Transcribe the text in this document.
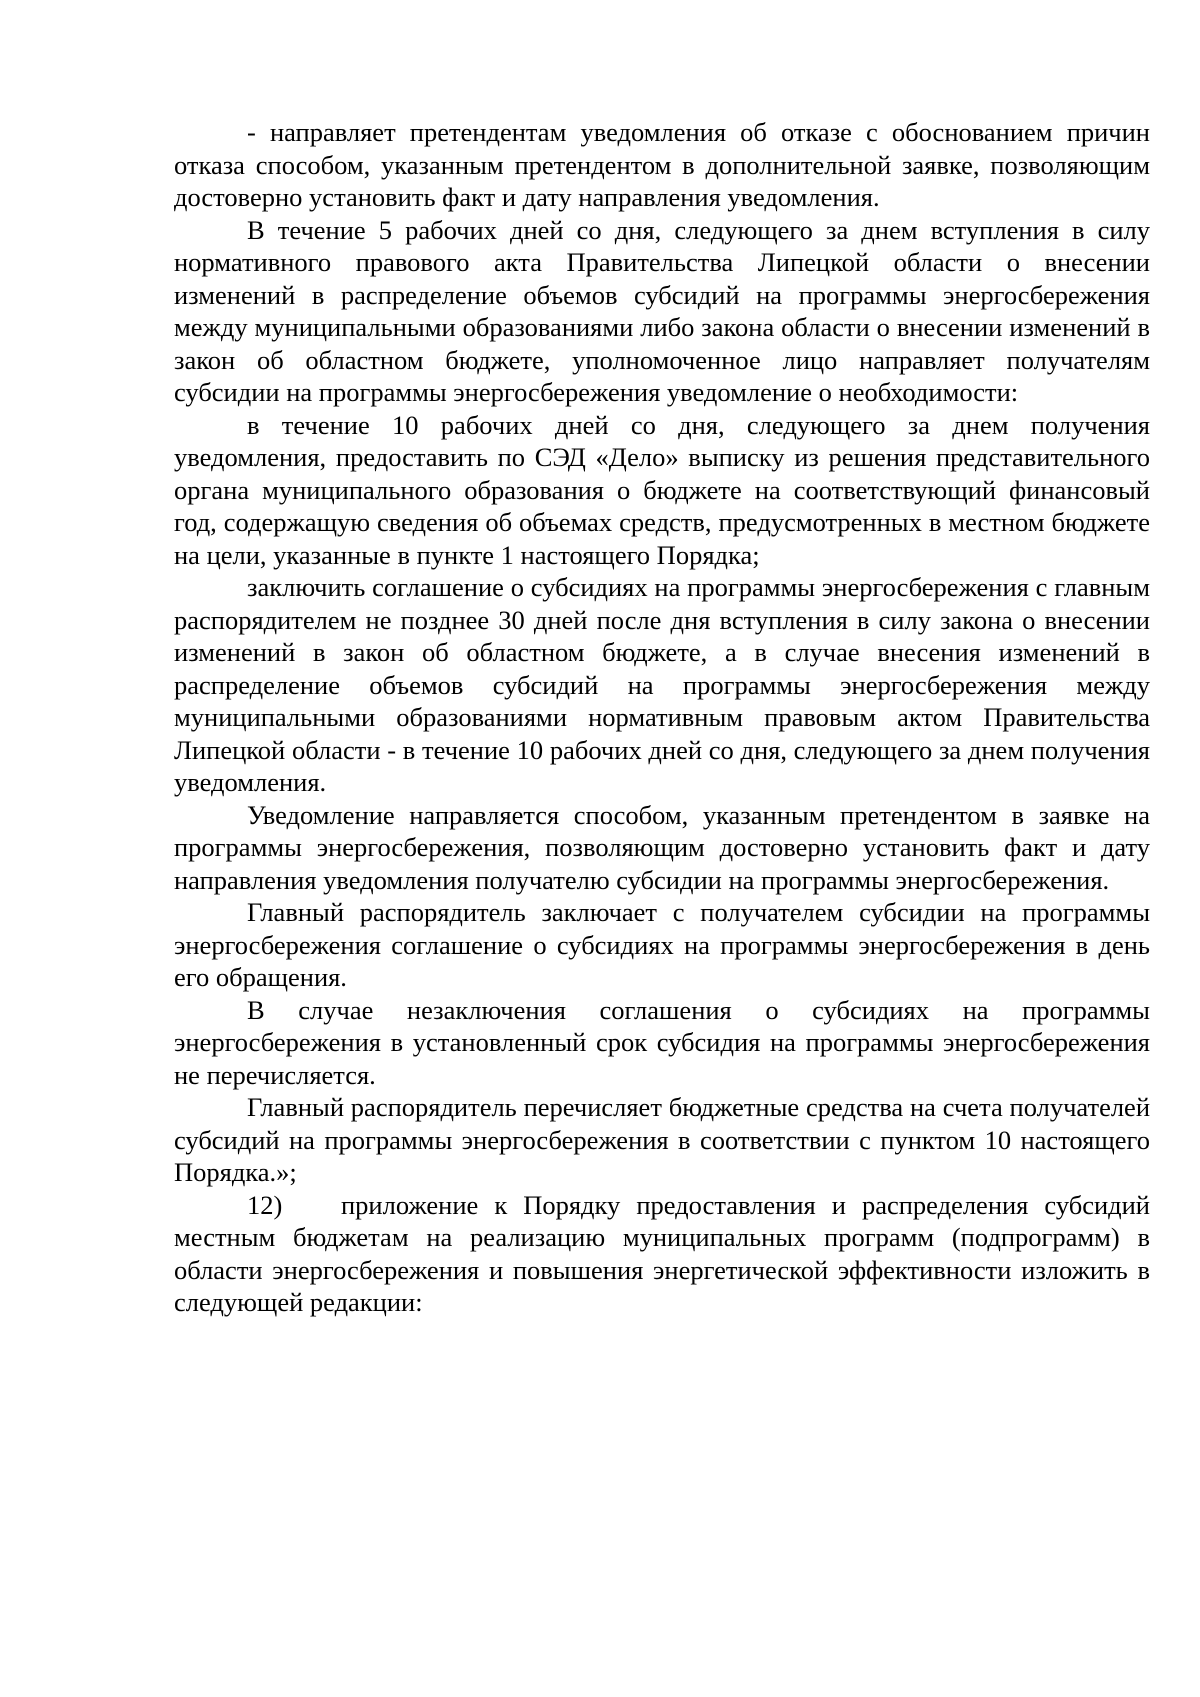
- направляет претендентам уведомления об отказе с обоснованием причин отказа способом, указанным претендентом в дополнительной заявке, позволяющим достоверно установить факт и дату направления уведомления.

В течение 5 рабочих дней со дня, следующего за днем вступления в силу нормативного правового акта Правительства Липецкой области о внесении изменений в распределение объемов субсидий на программы энергосбережения между муниципальными образованиями либо закона области о внесении изменений в закон об областном бюджете, уполномоченное лицо направляет получателям субсидии на программы энергосбережения уведомление о необходимости:

в течение 10 рабочих дней со дня, следующего за днем получения уведомления, предоставить по СЭД «Дело» выписку из решения представительного органа муниципального образования о бюджете на соответствующий финансовый год, содержащую сведения об объемах средств, предусмотренных в местном бюджете на цели, указанные в пункте 1 настоящего Порядка;

заключить соглашение о субсидиях на программы энергосбережения с главным распорядителем не позднее 30 дней после дня вступления в силу закона о внесении изменений в закон об областном бюджете, а в случае внесения изменений в распределение объемов субсидий на программы энергосбережения между муниципальными образованиями нормативным правовым актом Правительства Липецкой области - в течение 10 рабочих дней со дня, следующего за днем получения уведомления.

Уведомление направляется способом, указанным претендентом в заявке на программы энергосбережения, позволяющим достоверно установить факт и дату направления уведомления получателю субсидии на программы энергосбережения.

Главный распорядитель заключает с получателем субсидии на программы энергосбережения соглашение о субсидиях на программы энергосбережения в день его обращения.

В случае незаключения соглашения о субсидиях на программы энергосбережения в установленный срок субсидия на программы энергосбережения не перечисляется.

Главный распорядитель перечисляет бюджетные средства на счета получателей субсидий на программы энергосбережения в соответствии с пунктом 10 настоящего Порядка.»;

12) приложение к Порядку предоставления и распределения субсидий местным бюджетам на реализацию муниципальных программ (подпрограмм) в области энергосбережения и повышения энергетической эффективности изложить в следующей редакции:
